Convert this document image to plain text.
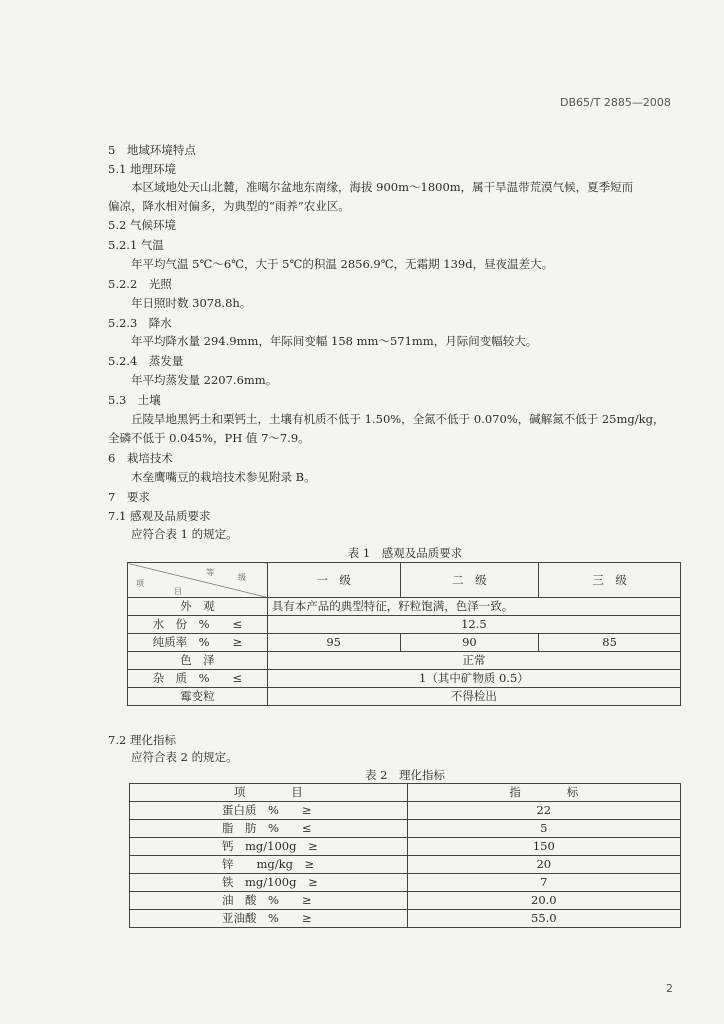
DB65/T 2885—2008
5　地域环境特点
5.1 地理环境
本区域地处天山北麓，准噶尔盆地东南缘，海拔 900m～1800m，属干旱温带荒漠气候，夏季短而
偏凉，降水相对偏多，为典型的“雨养”农业区。
5.2 气候环境
5.2.1 气温
年平均气温 5℃～6℃，大于 5℃的积温 2856.9℃，无霜期 139d，昼夜温差大。
5.2.2　光照
年日照时数 3078.8h。
5.2.3　降水
年平均降水量 294.9mm，年际间变幅 158 mm～571mm，月际间变幅较大。
5.2.4　蒸发量
年平均蒸发量 2207.6mm。
5.3　土壤
丘陵旱地黑钙土和栗钙土，土壤有机质不低于 1.50%，全氮不低于 0.070%，碱解氮不低于 25mg/kg，
全磷不低于 0.045%，PH 值 7～7.9。
6　栽培技术
木垒鹰嘴豆的栽培技术参见附录 B。
7　要求
7.1 感观及品质要求
应符合表 1 的规定。
表 1　感观及品质要求
等
级
项
目	一　级	二　级	三　级
外　观	具有本产品的典型特征，籽粒饱满，色泽一致。		
水　份　%　　≤	12.5		
纯质率　%　　≥	95	90	85
色　泽	正常		
杂　质　%　　≤	1（其中矿物质 0.5）		
霉变粒	不得检出		
7.2 理化指标
应符合表 2 的规定。
表 2　理化指标
项　　　　目	指　　　　标
蛋白质　%　　≥	22
脂　肪　%　　≤	5
钙　mg/100g　≥	150
锌　　mg/kg　≥	20
铁　mg/100g　≥	7
油　酸　%　　≥	20.0
亚油酸　%　　≥	55.0
2
